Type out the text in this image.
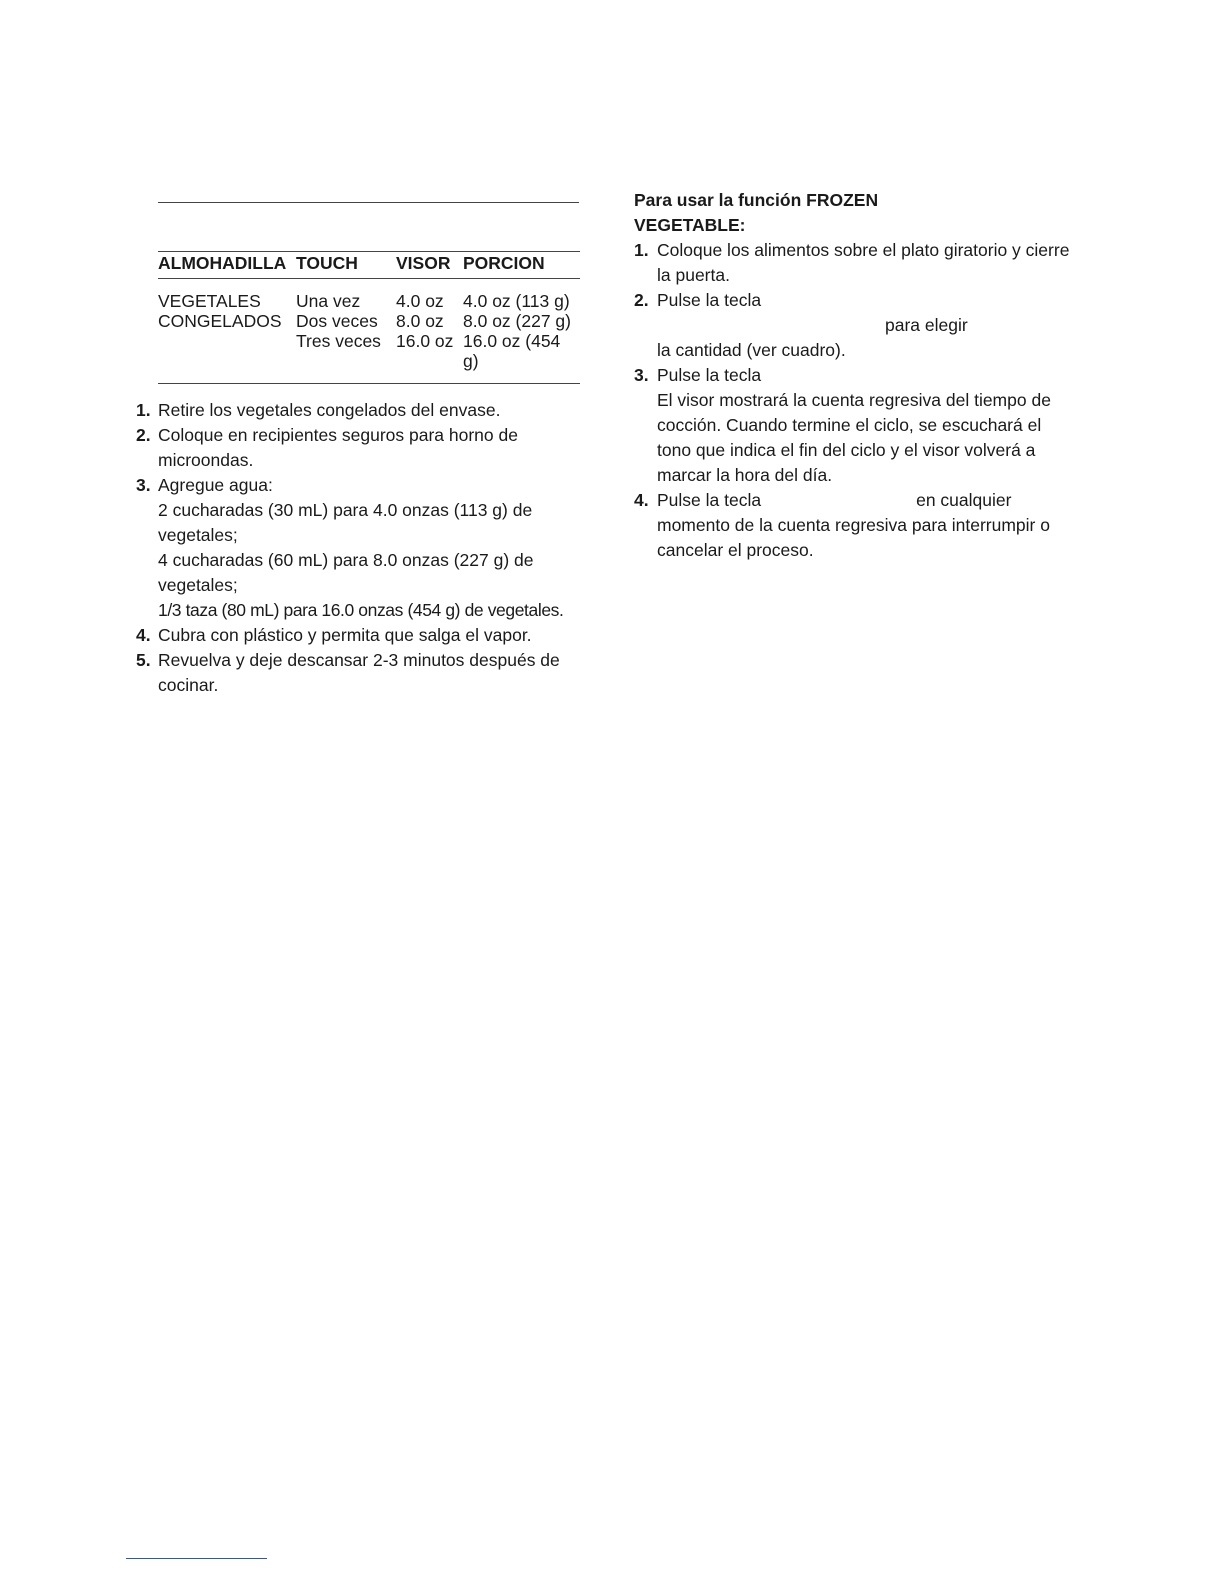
ALMOHADILLA	TOUCH	VISOR	PORCION
VEGETALES	Una vez	4.0 oz	4.0 oz (113 g)
CONGELADOS	Dos veces	8.0 oz	8.0 oz (227 g)
	Tres veces	16.0 oz	16.0 oz (454 g)
1. Retire los vegetales congelados del envase.
2. Coloque en recipientes seguros para horno de microondas.
3. Agregue agua:
2 cucharadas (30 mL) para 4.0 onzas (113 g) de vegetales;
4 cucharadas (60 mL) para 8.0 onzas (227 g) de vegetales;
1/3 taza (80 mL) para 16.0 onzas (454 g) de vegetales.
4. Cubra con plástico y permita que salga el vapor.
5. Revuelva y deje descansar 2-3 minutos después de cocinar.
Para usar la función FROZEN VEGETABLE:
1. Coloque los alimentos sobre el plato giratorio y cierre la puerta.
2. Pulse la tecla
para elegir
la cantidad (ver cuadro).
3. Pulse la tecla
El visor mostrará la cuenta regresiva del tiempo de cocción. Cuando termine el ciclo, se escuchará el tono que indica el fin del ciclo y el visor volverá a marcar la hora del día.
4. Pulse la tecla	en cualquier momento de la cuenta regresiva para interrumpir o cancelar el proceso.
